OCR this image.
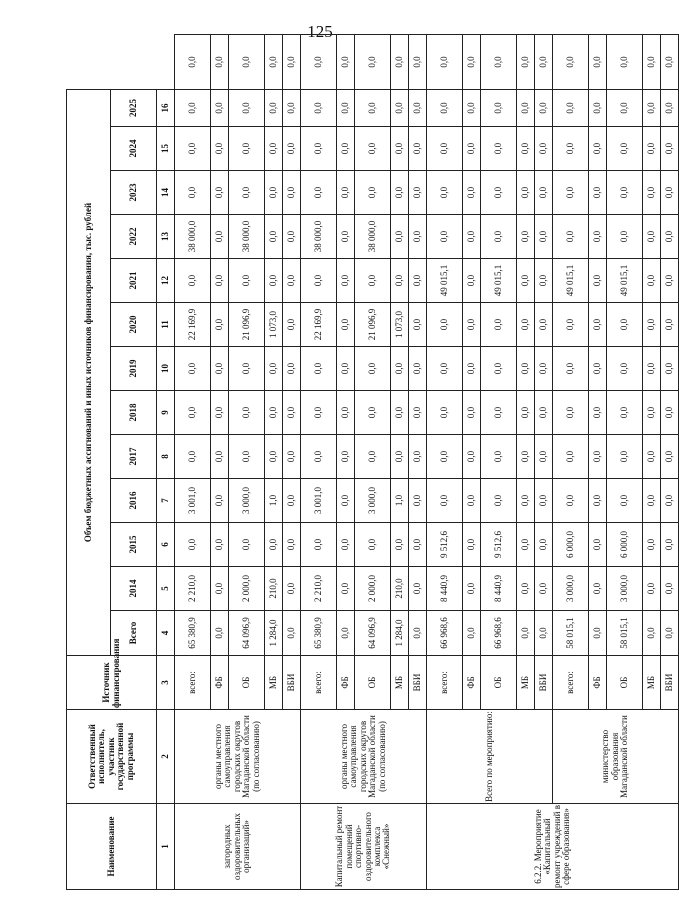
125
Наименование	Ответственный исполнитель, участник государственной программы	Источник финансирования	Объем бюджетных ассигнований и иных источников финансирования, тыс. рублей													
			Всего	2014	2015	2016	2017	2018	2019	2020	2021	2022	2023	2024	2025	
1	2	3	4	5	6	7	8	9	10	11	12	13	14	15	16	
загородных оздоровительных организаций»	органы местного самоуправления городских округов Магаданской области (по согласованию)	всего:	65 380,9	2 210,0	0,0	3 001,0	0,0	0,0	0,0	22 169,9	0,0	38 000,0	0,0	0,0	0,0	0,0
		ФБ	0,0	0,0	0,0	0,0	0,0	0,0	0,0	0,0	0,0	0,0	0,0	0,0	0,0	0,0
		ОБ	64 096,9	2 000,0	0,0	3 000,0	0,0	0,0	0,0	21 096,9	0,0	38 000,0	0,0	0,0	0,0	0,0
		МБ	1 284,0	210,0	0,0	1,0	0,0	0,0	0,0	1 073,0	0,0	0,0	0,0	0,0	0,0	0,0
		ВБИ	0,0	0,0	0,0	0,0	0,0	0,0	0,0	0,0	0,0	0,0	0,0	0,0	0,0	0,0
Капитальный ремонт помещений спортивно-оздоровительного комплекса «Снежный»	органы местного самоуправления городских округов Магаданской области (по согласованию)	всего:	65 380,9	2 210,0	0,0	3 001,0	0,0	0,0	0,0	22 169,9	0,0	38 000,0	0,0	0,0	0,0	0,0
		ФБ	0,0	0,0	0,0	0,0	0,0	0,0	0,0	0,0	0,0	0,0	0,0	0,0	0,0	0,0
		ОБ	64 096,9	2 000,0	0,0	3 000,0	0,0	0,0	0,0	21 096,9	0,0	38 000,0	0,0	0,0	0,0	0,0
		МБ	1 284,0	210,0	0,0	1,0	0,0	0,0	0,0	1 073,0	0,0	0,0	0,0	0,0	0,0	0,0
		ВБИ	0,0	0,0	0,0	0,0	0,0	0,0	0,0	0,0	0,0	0,0	0,0	0,0	0,0	0,0
6.2.2. Мероприятие «Капитальный ремонт учреждений в сфере образования»	Всего по мероприятию:	всего:	66 968,6	8 440,9	9 512,6	0,0	0,0	0,0	0,0	0,0	49 015,1	0,0	0,0	0,0	0,0	0,0
		ФБ	0,0	0,0	0,0	0,0	0,0	0,0	0,0	0,0	0,0	0,0	0,0	0,0	0,0	0,0
		ОБ	66 968,6	8 440,9	9 512,6	0,0	0,0	0,0	0,0	0,0	49 015,1	0,0	0,0	0,0	0,0	0,0
		МБ	0,0	0,0	0,0	0,0	0,0	0,0	0,0	0,0	0,0	0,0	0,0	0,0	0,0	0,0
		ВБИ	0,0	0,0	0,0	0,0	0,0	0,0	0,0	0,0	0,0	0,0	0,0	0,0	0,0	0,0
	министерство образования Магаданской области	всего:	58 015,1	3 000,0	6 000,0	0,0	0,0	0,0	0,0	0,0	49 015,1	0,0	0,0	0,0	0,0	0,0
		ФБ	0,0	0,0	0,0	0,0	0,0	0,0	0,0	0,0	0,0	0,0	0,0	0,0	0,0	0,0
		ОБ	58 015,1	3 000,0	6 000,0	0,0	0,0	0,0	0,0	0,0	49 015,1	0,0	0,0	0,0	0,0	0,0
		МБ	0,0	0,0	0,0	0,0	0,0	0,0	0,0	0,0	0,0	0,0	0,0	0,0	0,0	0,0
		ВБИ	0,0	0,0	0,0	0,0	0,0	0,0	0,0	0,0	0,0	0,0	0,0	0,0	0,0	0,0
